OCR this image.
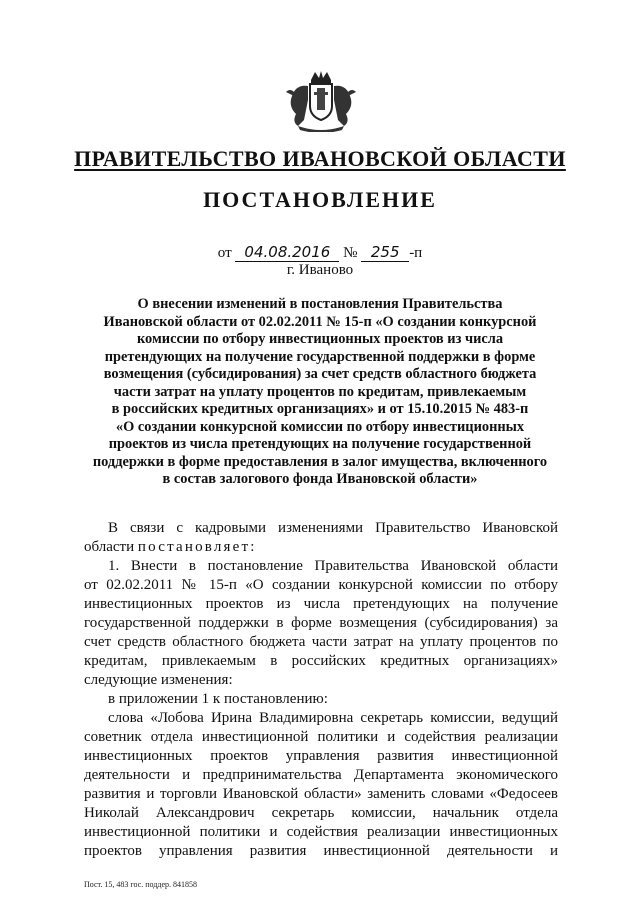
ПРАВИТЕЛЬСТВО ИВАНОВСКОЙ ОБЛАСТИ
ПОСТАНОВЛЕНИЕ
от 04.08.2016 № 255 -п
г. Иваново
О внесении изменений в постановления Правительства
Ивановской области от 02.02.2011 № 15-п «О создании конкурсной
комиссии по отбору инвестиционных проектов из числа
претендующих на получение государственной поддержки в форме
возмещения (субсидирования) за счет средств областного бюджета
части затрат на уплату процентов по кредитам, привлекаемым
в российских кредитных организациях» и от 15.10.2015 № 483-п
«О создании конкурсной комиссии по отбору инвестиционных
проектов из числа претендующих на получение государственной
поддержки в форме предоставления в залог имущества, включенного
в состав залогового фонда Ивановской области»
В связи с кадровыми изменениями Правительство Ивановской
области постановляет:
1. Внести в постановление Правительства Ивановской области
от 02.02.2011 № 15-п «О создании конкурсной комиссии по отбору
инвестиционных проектов из числа претендующих на получение
государственной поддержки в форме возмещения (субсидирования) за
счет средств областного бюджета части затрат на уплату процентов по
кредитам, привлекаемым в российских кредитных организациях»
следующие изменения:
в приложении 1 к постановлению:
слова «Лобова Ирина Владимировна секретарь комиссии, ведущий
советник отдела инвестиционной политики и содействия реализации
инвестиционных проектов управления развития инвестиционной
деятельности и предпринимательства Департамента экономического
развития и торговли Ивановской области» заменить словами «Федосеев
Николай Александрович секретарь комиссии, начальник отдела
инвестиционной политики и содействия реализации инвестиционных
проектов управления развития инвестиционной деятельности и
Пост. 15, 483 гос. поддер. 841858
